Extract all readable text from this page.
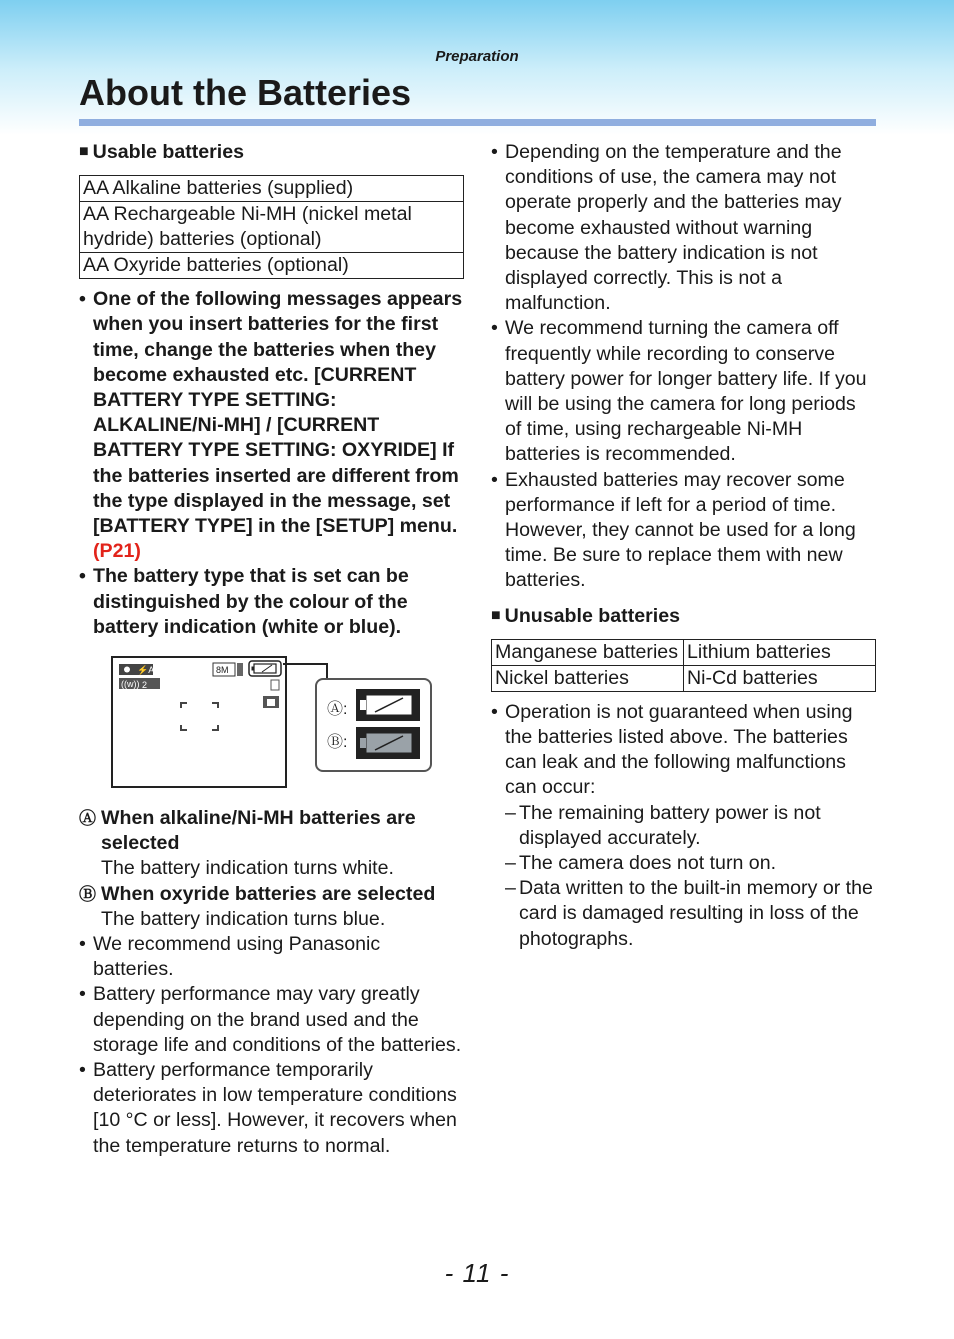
Preparation
About the Batteries

■ Usable batteries

AA Alkaline batteries (supplied)
AA Rechargeable Ni-MH (nickel metal hydride) batteries (optional)
AA Oxyride batteries (optional)

• One of the following messages appears when you insert batteries for the first time, change the batteries when they become exhausted etc. [CURRENT BATTERY TYPE SETTING: ALKALINE/Ni-MH] / [CURRENT BATTERY TYPE SETTING: OXYRIDE] If the batteries inserted are different from the type displayed in the message, set [BATTERY TYPE] in the [SETUP] menu. (P21)

• The battery type that is set can be distinguished by the colour of the battery indication (white or blue).

⚡A
((ᴡ)) 2
8M
Ⓐ:
Ⓑ:

Ⓐ When alkaline/Ni-MH batteries are selected

The battery indication turns white.

Ⓑ When oxyride batteries are selected

The battery indication turns blue.

• We recommend using Panasonic batteries.

• Battery performance may vary greatly depending on the brand used and the storage life and conditions of the batteries.

• Battery performance temporarily deteriorates in low temperature conditions [10 °C or less]. However, it recovers when the temperature returns to normal.

• Depending on the temperature and the conditions of use, the camera may not operate properly and the batteries may become exhausted without warning because the battery indication is not displayed correctly. This is not a malfunction.

• We recommend turning the camera off frequently while recording to conserve battery power for longer battery life. If you will be using the camera for long periods of time, using rechargeable Ni-MH batteries is recommended.

• Exhausted batteries may recover some performance if left for a period of time. However, they cannot be used for a long time. Be sure to replace them with new batteries.

■ Unusable batteries

Manganese batteries	Lithium batteries
Nickel batteries	Ni-Cd batteries

• Operation is not guaranteed when using the batteries listed above. The batteries can leak and the following malfunctions can occur:

– The remaining battery power is not displayed accurately.

– The camera does not turn on.

– Data written to the built-in memory or the card is damaged resulting in loss of the photographs.

- 11 -
